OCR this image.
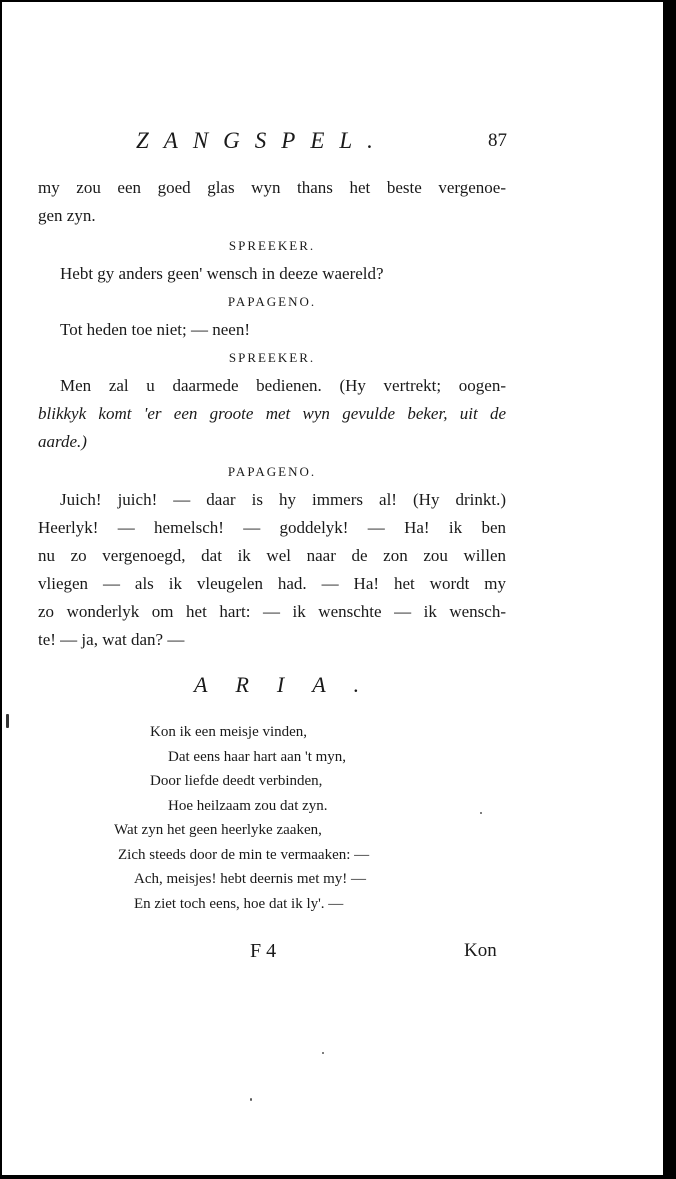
ZANGSPEL.	87
my zou een goed glas wyn thans het beste vergenoe-
gen zyn.
SPREEKER.
Hebt gy anders geen' wensch in deeze waereld?
PAPAGENO.
Tot heden toe niet; — neen!
SPREEKER.
Men zal u daarmede bedienen. (Hy vertrekt; oogen-
blikkyk komt 'er een groote met wyn gevulde beker, uit de
aarde.)
PAPAGENO.
Juich! juich! — daar is hy immers al! (Hy drinkt.)
Heerlyk! — hemelsch! — goddelyk! — Ha! ik ben
nu zo vergenoegd, dat ik wel naar de zon zou willen
vliegen — als ik vleugelen had. — Ha! het wordt my
zo wonderlyk om het hart: — ik wenschte — ik wensch-
te! — ja, wat dan? —
ARIA.
Kon ik een meisje vinden,
Dat eens haar hart aan 't myn,
Door liefde deedt verbinden,
Hoe heilzaam zou dat zyn.
Wat zyn het geen heerlyke zaaken,
Zich steeds door de min te vermaaken: —
Ach, meisjes! hebt deernis met my! —
En ziet toch eens, hoe dat ik ly'. —
F 4	Kon
